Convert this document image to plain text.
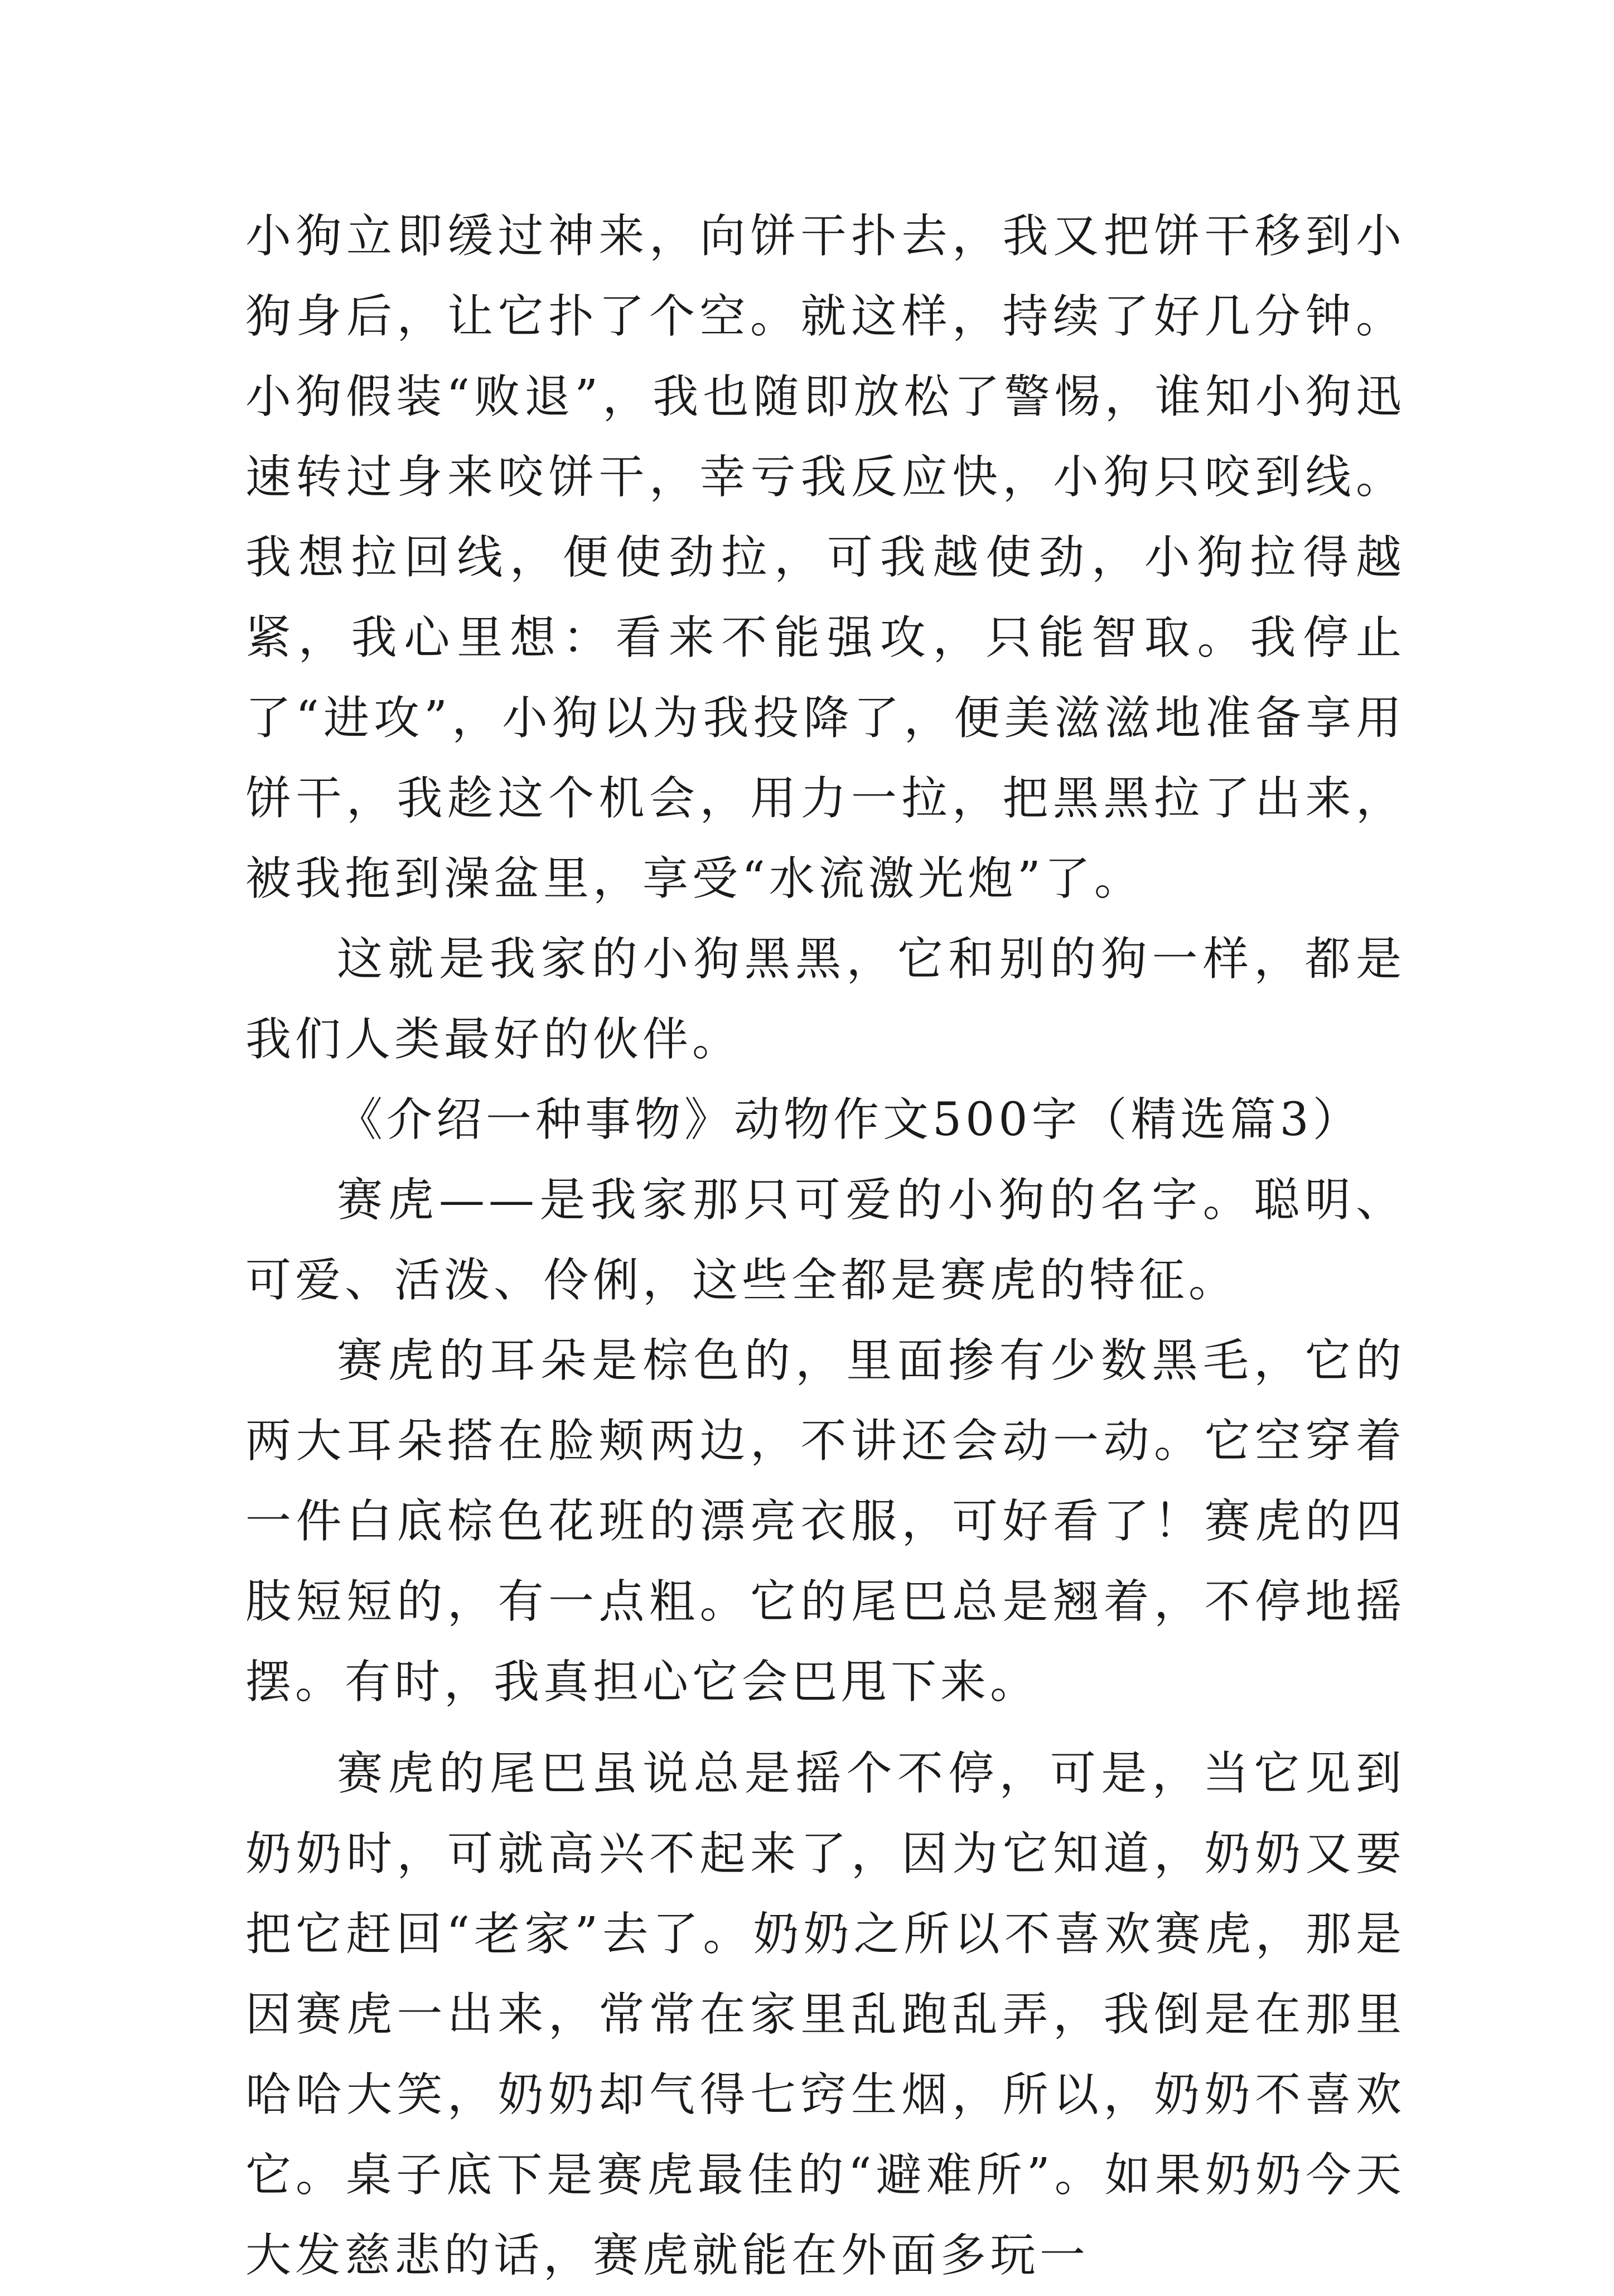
小狗立即缓过神来，向饼干扑去，我又把饼干移到小狗身后，让它扑了个空。就这样，持续了好几分钟。小狗假装“败退”，我也随即放松了警惕，谁知小狗迅速转过身来咬饼干，幸亏我反应快，小狗只咬到线。我想拉回线，便使劲拉，可我越使劲，小狗拉得越紧，我心里想：看来不能强攻，只能智取。我停止了“进攻”，小狗以为我投降了，便美滋滋地准备享用饼干，我趁这个机会，用力一拉，把黑黑拉了出来，被我拖到澡盆里，享受“水流激光炮”了。

这就是我家的小狗黑黑，它和别的狗一样，都是我们人类最好的伙伴。

《介绍一种事物》动物作文500字（精选篇3）

赛虎——是我家那只可爱的小狗的名字。聪明、可爱、活泼、伶俐，这些全都是赛虎的特征。

赛虎的耳朵是棕色的，里面掺有少数黑毛，它的两大耳朵搭在脸颊两边，不讲还会动一动。它空穿着一件白底棕色花班的漂亮衣服，可好看了！赛虎的四肢短短的，有一点粗。它的尾巴总是翘着，不停地摇摆。有时，我真担心它会巴甩下来。

赛虎的尾巴虽说总是摇个不停，可是，当它见到奶奶时，可就高兴不起来了，因为它知道，奶奶又要把它赶回“老家”去了。奶奶之所以不喜欢赛虎，那是因赛虎一出来，常常在家里乱跑乱弄，我倒是在那里哈哈大笑，奶奶却气得七窍生烟，所以，奶奶不喜欢它。桌子底下是赛虎最佳的“避难所”。如果奶奶今天大发慈悲的话，赛虎就能在外面多玩一
